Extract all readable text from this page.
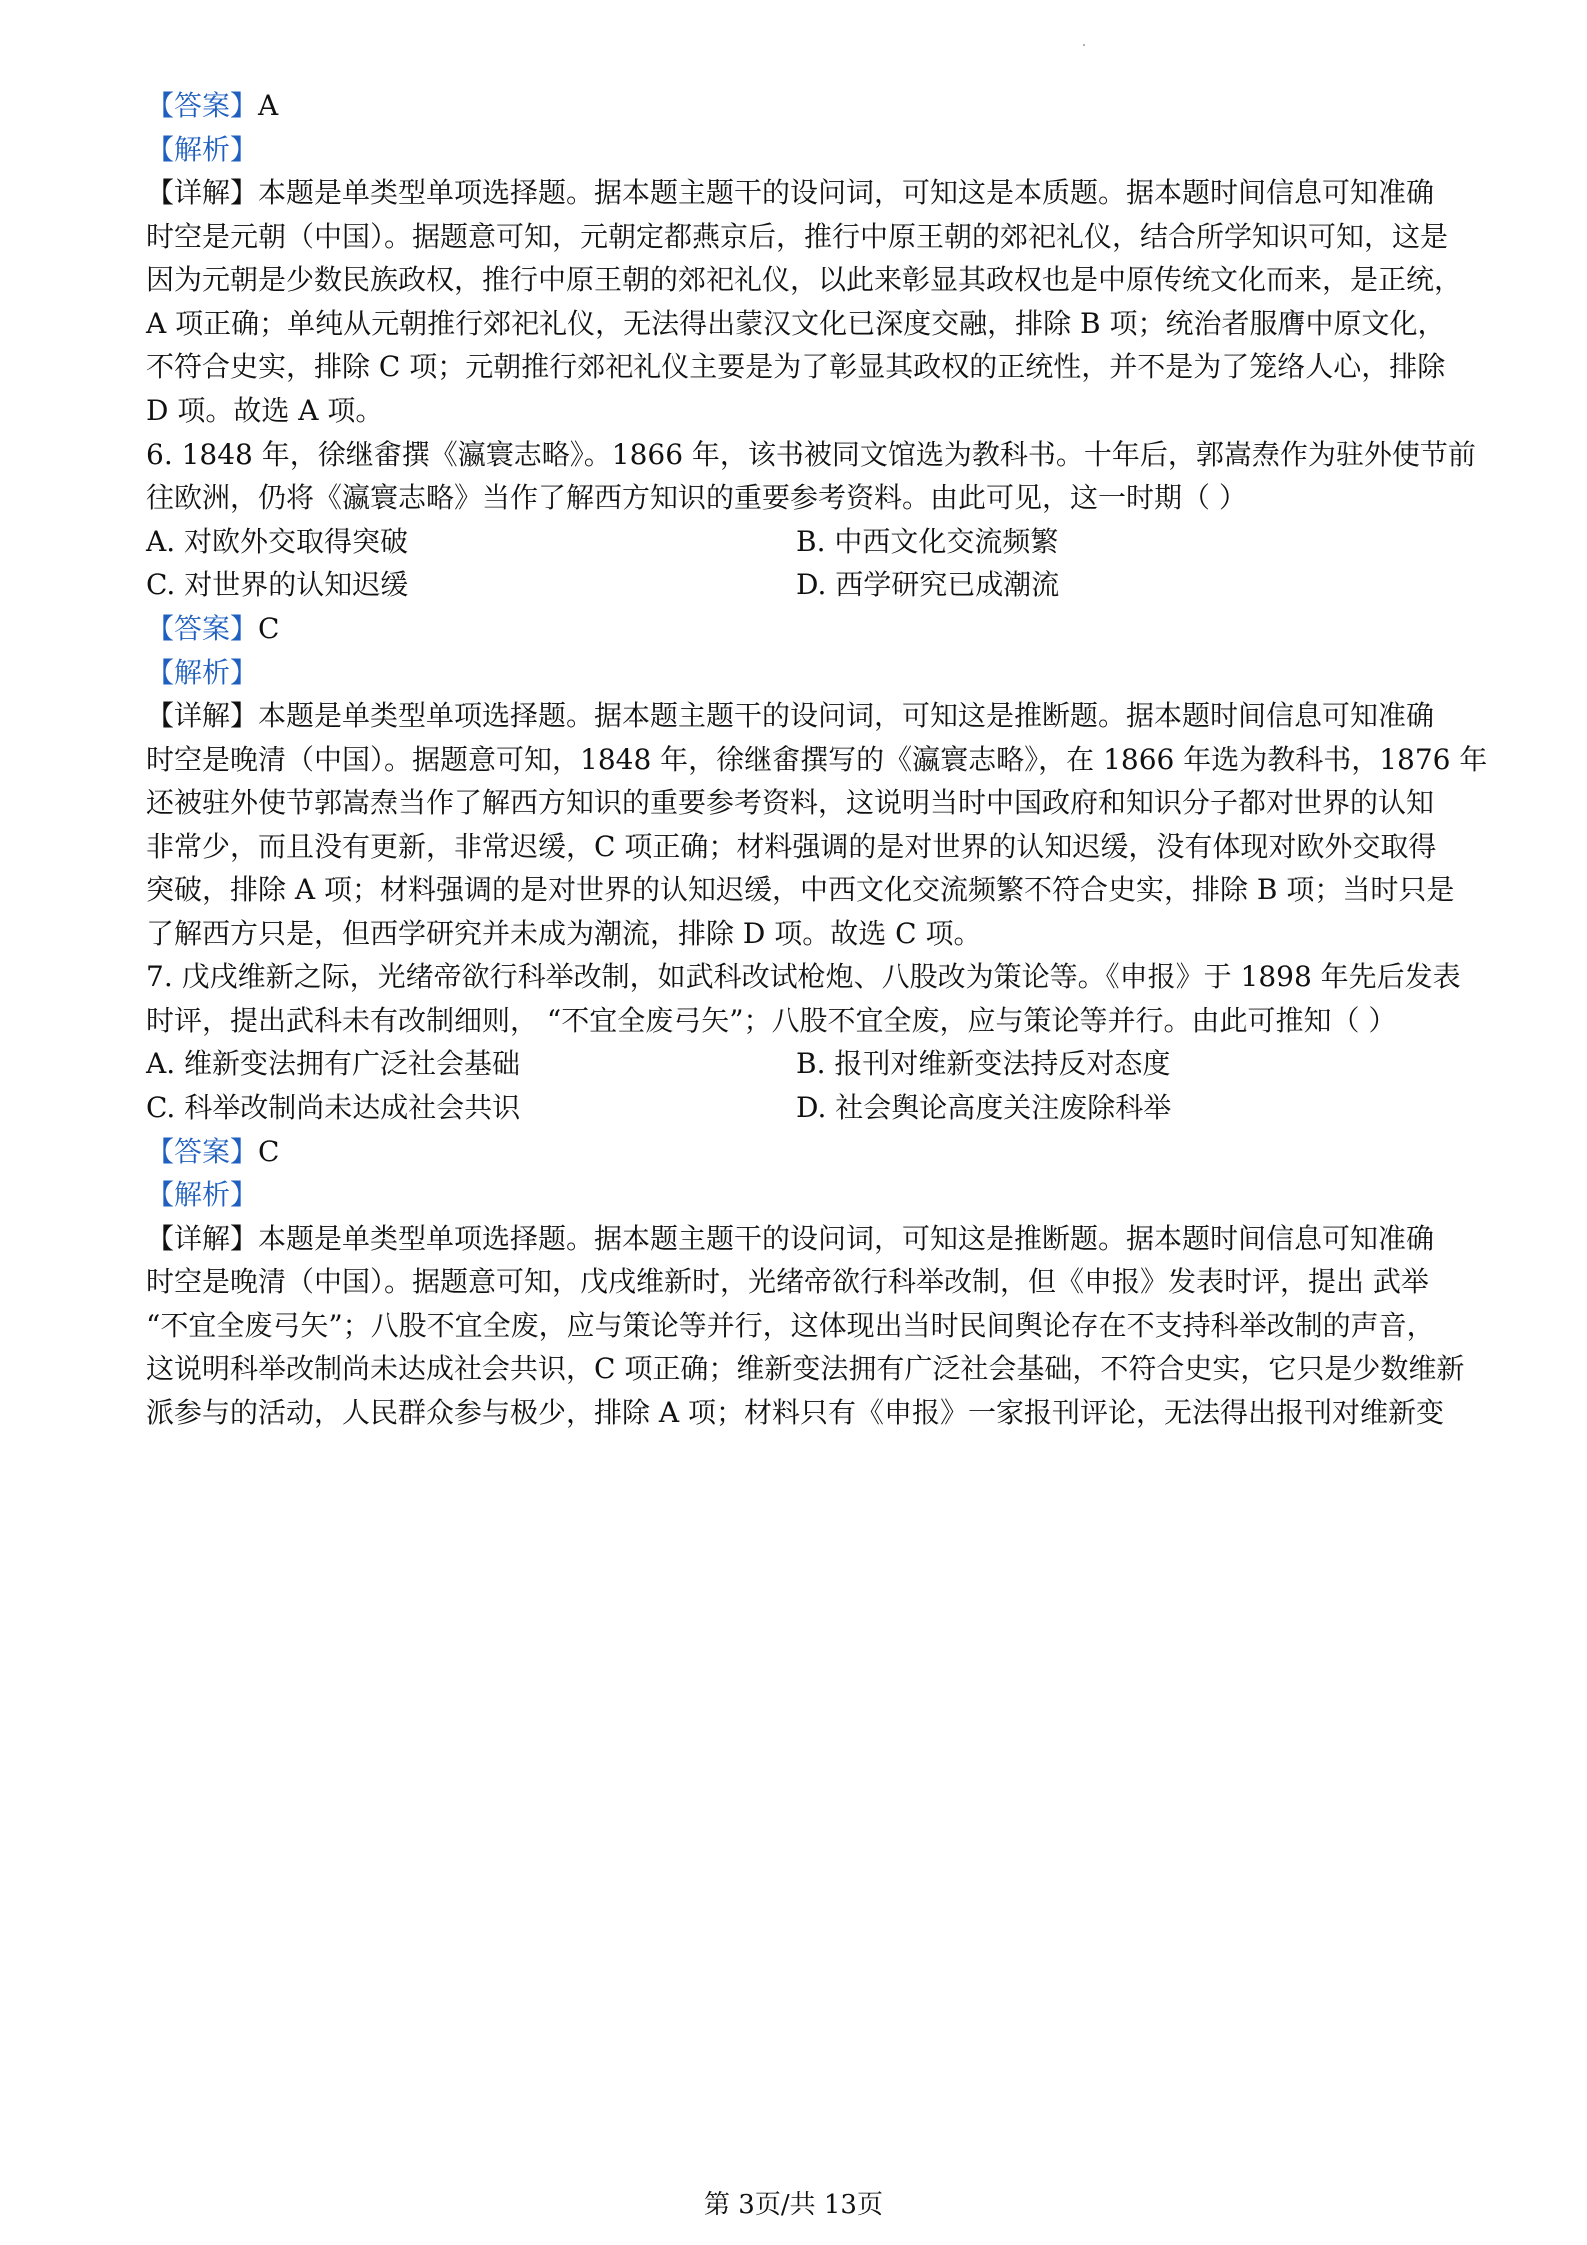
【答案】A
【解析】
【详解】本题是单类型单项选择题。据本题主题干的设问词，可知这是本质题。据本题时间信息可知准确
时空是元朝（中国）。据题意可知，元朝定都燕京后，推行中原王朝的郊祀礼仪，结合所学知识可知，这是
因为元朝是少数民族政权，推行中原王朝的郊祀礼仪，以此来彰显其政权也是中原传统文化而来，是正统，
A 项正确；单纯从元朝推行郊祀礼仪，无法得出蒙汉文化已深度交融，排除 B 项；统治者服膺中原文化，
不符合史实，排除 C 项；元朝推行郊祀礼仪主要是为了彰显其政权的正统性，并不是为了笼络人心，排除
D 项。故选 A 项。
6. 1848 年，徐继畬撰《瀛寰志略》。1866 年，该书被同文馆选为教科书。十年后，郭嵩焘作为驻外使节前
往欧洲，仍将《瀛寰志略》当作了解西方知识的重要参考资料。由此可见，这一时期（ ）
A. 对欧外交取得突破	B. 中西文化交流频繁
C. 对世界的认知迟缓	D. 西学研究已成潮流
【答案】C
【解析】
【详解】本题是单类型单项选择题。据本题主题干的设问词，可知这是推断题。据本题时间信息可知准确
时空是晚清（中国）。据题意可知，1848 年，徐继畬撰写的《瀛寰志略》，在 1866 年选为教科书，1876 年
还被驻外使节郭嵩焘当作了解西方知识的重要参考资料，这说明当时中国政府和知识分子都对世界的认知
非常少，而且没有更新，非常迟缓，C 项正确；材料强调的是对世界的认知迟缓，没有体现对欧外交取得
突破，排除 A 项；材料强调的是对世界的认知迟缓，中西文化交流频繁不符合史实，排除 B 项；当时只是
了解西方只是，但西学研究并未成为潮流，排除 D 项。故选 C 项。
7. 戊戌维新之际，光绪帝欲行科举改制，如武科改试枪炮、八股改为策论等。《申报》于 1898 年先后发表
时评，提出武科未有改制细则， “不宜全废弓矢”；八股不宜全废，应与策论等并行。由此可推知（ ）
A. 维新变法拥有广泛社会基础	B. 报刊对维新变法持反对态度
C. 科举改制尚未达成社会共识	D. 社会舆论高度关注废除科举
【答案】C
【解析】
【详解】本题是单类型单项选择题。据本题主题干的设问词，可知这是推断题。据本题时间信息可知准确
时空是晚清（中国）。据题意可知，戊戌维新时，光绪帝欲行科举改制，但《申报》发表时评，提出 武举
“不宜全废弓矢”；八股不宜全废，应与策论等并行，这体现出当时民间舆论存在不支持科举改制的声音，
这说明科举改制尚未达成社会共识，C 项正确；维新变法拥有广泛社会基础，不符合史实，它只是少数维新
派参与的活动，人民群众参与极少，排除 A 项；材料只有《申报》一家报刊评论，无法得出报刊对维新变
第 3页/共 13页
